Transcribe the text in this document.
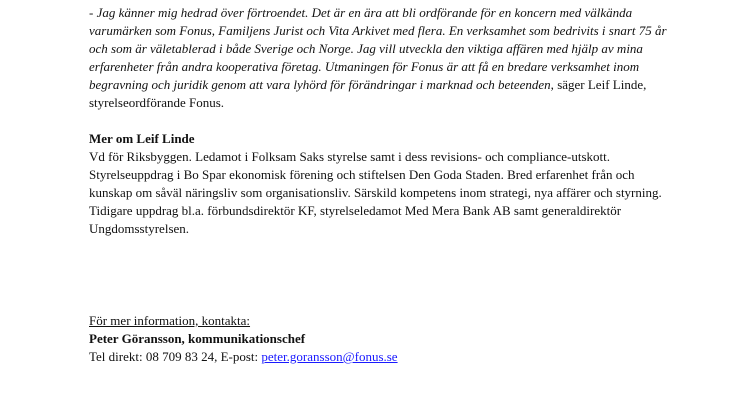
- Jag känner mig hedrad över förtroendet. Det är en ära att bli ordförande för en koncern med välkända varumärken som Fonus, Familjens Jurist och Vita Arkivet med flera. En verksamhet som bedrivits i snart 75 år och som är väletablerad i både Sverige och Norge. Jag vill utveckla den viktiga affären med hjälp av mina erfarenheter från andra kooperativa företag. Utmaningen för Fonus är att få en bredare verksamhet inom begravning och juridik genom att vara lyhörd för förändringar i marknad och beteenden, säger Leif Linde, styrelseordförande Fonus.

Mer om Leif Linde

Vd för Riksbyggen. Ledamot i Folksam Saks styrelse samt i dess revisions- och compliance-utskott. Styrelseuppdrag i Bo Spar ekonomisk förening och stiftelsen Den Goda Staden. Bred erfarenhet från och kunskap om såväl näringsliv som organisationsliv. Särskild kompetens inom strategi, nya affärer och styrning. Tidigare uppdrag bl.a. förbundsdirektör KF, styrelseledamot Med Mera Bank AB samt generaldirektör Ungdomsstyrelsen.

För mer information, kontakta:

Peter Göransson, kommunikationschef

Tel direkt: 08 709 83 24, E-post: peter.goransson@fonus.se
